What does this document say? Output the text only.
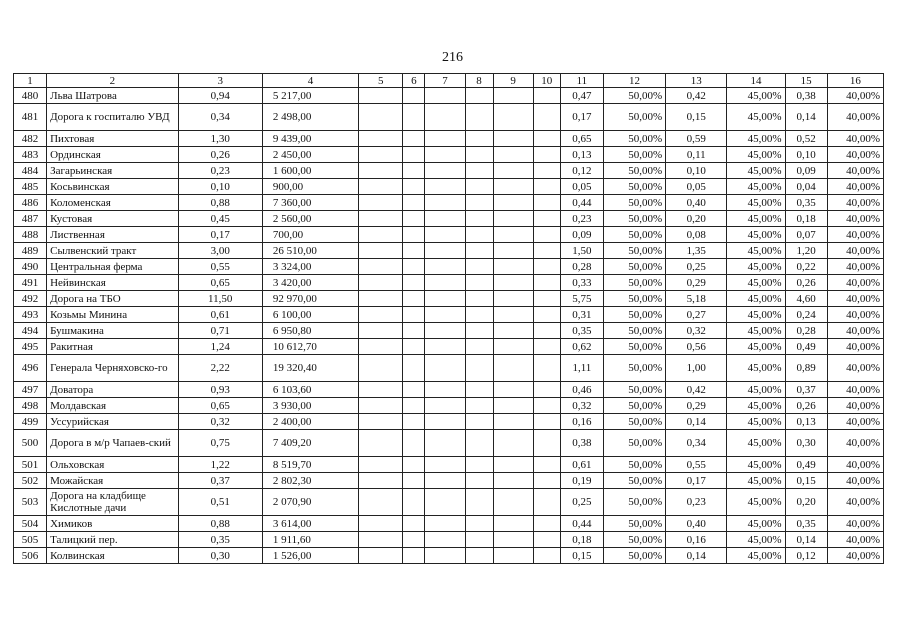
216
1	2	3	4	5	6	7	8	9	10	11	12	13	14	15	16
480	Льва Шатрова	0,94	5 217,00							0,47	50,00%	0,42	45,00%	0,38	40,00%
481	Дорога к госпиталю УВД	0,34	2 498,00							0,17	50,00%	0,15	45,00%	0,14	40,00%
482	Пихтовая	1,30	9 439,00							0,65	50,00%	0,59	45,00%	0,52	40,00%
483	Ординская	0,26	2 450,00							0,13	50,00%	0,11	45,00%	0,10	40,00%
484	Загарьинская	0,23	1 600,00							0,12	50,00%	0,10	45,00%	0,09	40,00%
485	Косьвинская	0,10	900,00							0,05	50,00%	0,05	45,00%	0,04	40,00%
486	Коломенская	0,88	7 360,00							0,44	50,00%	0,40	45,00%	0,35	40,00%
487	Кустовая	0,45	2 560,00							0,23	50,00%	0,20	45,00%	0,18	40,00%
488	Лиственная	0,17	700,00							0,09	50,00%	0,08	45,00%	0,07	40,00%
489	Сылвенский тракт	3,00	26 510,00							1,50	50,00%	1,35	45,00%	1,20	40,00%
490	Центральная ферма	0,55	3 324,00							0,28	50,00%	0,25	45,00%	0,22	40,00%
491	Нейвинская	0,65	3 420,00							0,33	50,00%	0,29	45,00%	0,26	40,00%
492	Дорога на ТБО	11,50	92 970,00							5,75	50,00%	5,18	45,00%	4,60	40,00%
493	Козьмы Минина	0,61	6 100,00							0,31	50,00%	0,27	45,00%	0,24	40,00%
494	Бушмакина	0,71	6 950,80							0,35	50,00%	0,32	45,00%	0,28	40,00%
495	Ракитная	1,24	10 612,70							0,62	50,00%	0,56	45,00%	0,49	40,00%
496	Генерала Черняховско-го	2,22	19 320,40							1,11	50,00%	1,00	45,00%	0,89	40,00%
497	Доватора	0,93	6 103,60							0,46	50,00%	0,42	45,00%	0,37	40,00%
498	Молдавская	0,65	3 930,00							0,32	50,00%	0,29	45,00%	0,26	40,00%
499	Уссурийская	0,32	2 400,00							0,16	50,00%	0,14	45,00%	0,13	40,00%
500	Дорога в м/р Чапаев-ский	0,75	7 409,20							0,38	50,00%	0,34	45,00%	0,30	40,00%
501	Ольховская	1,22	8 519,70							0,61	50,00%	0,55	45,00%	0,49	40,00%
502	Можайская	0,37	2 802,30							0,19	50,00%	0,17	45,00%	0,15	40,00%
503	Дорога на кладбище Кислотные дачи	0,51	2 070,90							0,25	50,00%	0,23	45,00%	0,20	40,00%
504	Химиков	0,88	3 614,00							0,44	50,00%	0,40	45,00%	0,35	40,00%
505	Талицкий пер.	0,35	1 911,60							0,18	50,00%	0,16	45,00%	0,14	40,00%
506	Колвинская	0,30	1 526,00							0,15	50,00%	0,14	45,00%	0,12	40,00%
